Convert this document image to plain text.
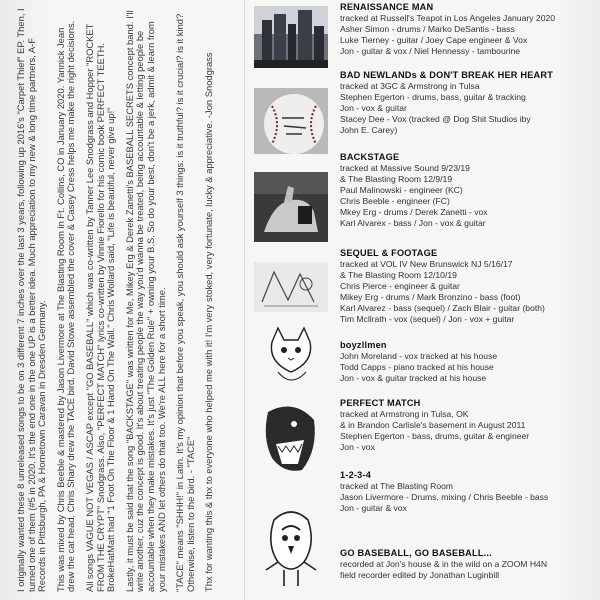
I originally wanted these 8 unreleased songs to be on 3 different 7 inches over the last 3 years, following up 2016's "Carpet Thief" EP. Then, I turned one of them (#5 in 2020. It's the end one in the one UP is a better idea. Much appreciation to my new & long time partners, A-F Records in Pittsburgh, PA & Hometown Caravan in Dresden Germany. This was mixed by Chris Beeble & mastered by Jason Livermore at The Blasting Room in Ft. Collins, CO in January 2020. Yannick Jean drew the cat head. Chris Shary drew the TACE bird. David Stowe assembled the cover & Casey Cress helps me make the right decisions. All songs VAGUE NOT VEGAS / ASCAP except "GO BASEBALL" which was co-written by Tanner Lee Snodgrass and Hopper "ROCKET FROM THE CRYPT" Snodgrass. Also, "PERFECT MATCH" lyrics co-written by Vinnie Fiorello for his comic book PERFECT TEETH. BrokeHatMatt had "1 Foot On The Floor & 1 Hand On The Wall." Chris Wollard said, "Life is beautiful, never give up!" Lastly, it must be said that the song "BACKSTAGE" was written for Me, Mikey Erg & Derek Zanetti's BASEBALL SECRETS concept band. I'll write another, cuz the concept is good. It's about treating people the way you'd wanna be treated, being accountable & letting people be accountable when they make mistakes. It's just "The Golden Rule" + owning your B.S. So do your best, don't be a jerk, admit & learn from your mistakes AND let others do that too. We're ALL here for a short time. "TACE" means "SHHH!" in Latin. It's my opinion that before you speak, you should ask yourself 3 things: is it truthful? is it crucial? is it kind? Otherwise, listen to the bird. - "TACE" Thx for wanting this & thx to everyone who helped me with it! I'm very stoked, very fortunate, lucky & appreciative. -Jon Snodgrass

RENAISSANCE MAN
tracked at Russell's Teapot in Los Angeles January 2020
Asher Simon - drums / Marko DeSantis - bass
Luke Tierney - guitar / Joey Cape engineer & Vox
Jon - guitar & vox / Niel Hennessy - tambourine
BAD NEWLANDs & DON'T BREAK HER HEART
tracked at 3GC & Armstrong in Tulsa
Stephen Egerton - drums, bass, guitar & tracking
Jon - vox & guitar
Stacey Dee - Vox (tracked @ Dog Shit Studios iby
John E. Carey)
BACKSTAGE
tracked at Massive Sound 9/23/19
& The Blasting Room 12/9/19
Paul Malinowski - engineer (KC)
Chris Beeble - engineer (FC)
Mkey Erg - drums / Derek Zanetti - vox
Karl Alvarex - bass / Jon - vox & guitar
SEQUEL & FOOTAGE
tracked at VOL IV New Brunswick NJ 5/16/17
& The Blasting Room 12/10/19
Chris Pierce - engineer & guitar
Mikey Erg - drums / Mark Bronzino - bass (foot)
Karl Alvarez - bass (sequel) / Zach Blair - guitar (both)
Tim Mcllrath - vox (sequel) / Jon - vox + guitar
boyzllmen
John Moreland - vox tracked at his house
Todd Capps - piano tracked at his house
Jon - vox & guitar tracked at his house
PERFECT MATCH
tracked at Armstrong in Tulsa, OK
& in Brandon Carlisle's basement in August 2011
Stephen Egerton - bass, drums, guitar & engineer
Jon - vox
1-2-3-4
tracked at The Blasting Room
Jason Livermore - Drums, mixing / Chris Beeble - bass
Jon - guitar & vox
GO BASEBALL, GO BASEBALL...
recorded at Jon's house & in the wild on a ZOOM H4N
field recorder edited by Jonathan Luginbill
